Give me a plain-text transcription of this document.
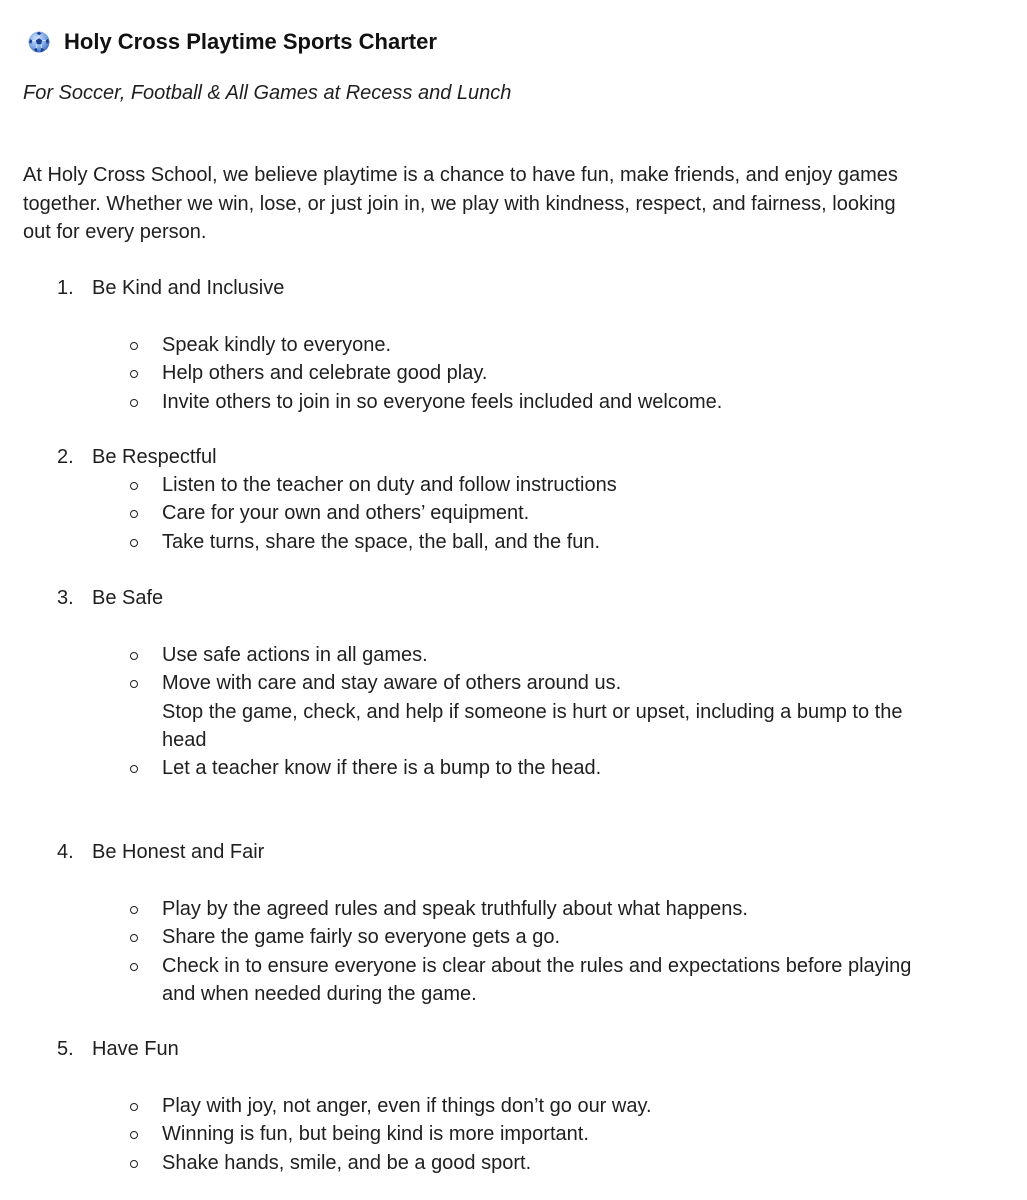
Holy Cross Playtime Sports Charter
For Soccer, Football & All Games at Recess and Lunch
At Holy Cross School, we believe playtime is a chance to have fun, make friends, and enjoy games together. Whether we win, lose, or just join in, we play with kindness, respect, and fairness, looking out for every person.
1. Be Kind and Inclusive
Speak kindly to everyone.
Help others and celebrate good play.
Invite others to join in so everyone feels included and welcome.
2. Be Respectful
Listen to the teacher on duty and follow instructions
Care for your own and others’ equipment.
Take turns, share the space, the ball, and the fun.
3. Be Safe
Use safe actions in all games.
Move with care and stay aware of others around us.
Stop the game, check, and help if someone is hurt or upset, including a bump to the head
Let a teacher know if there is a bump to the head.
4. Be Honest and Fair
Play by the agreed rules and speak truthfully about what happens.
Share the game fairly so everyone gets a go.
Check in to ensure everyone is clear about the rules and expectations before playing and when needed during the game.
5. Have Fun
Play with joy, not anger, even if things don’t go our way.
Winning is fun, but being kind is more important.
Shake hands, smile, and be a good sport.
